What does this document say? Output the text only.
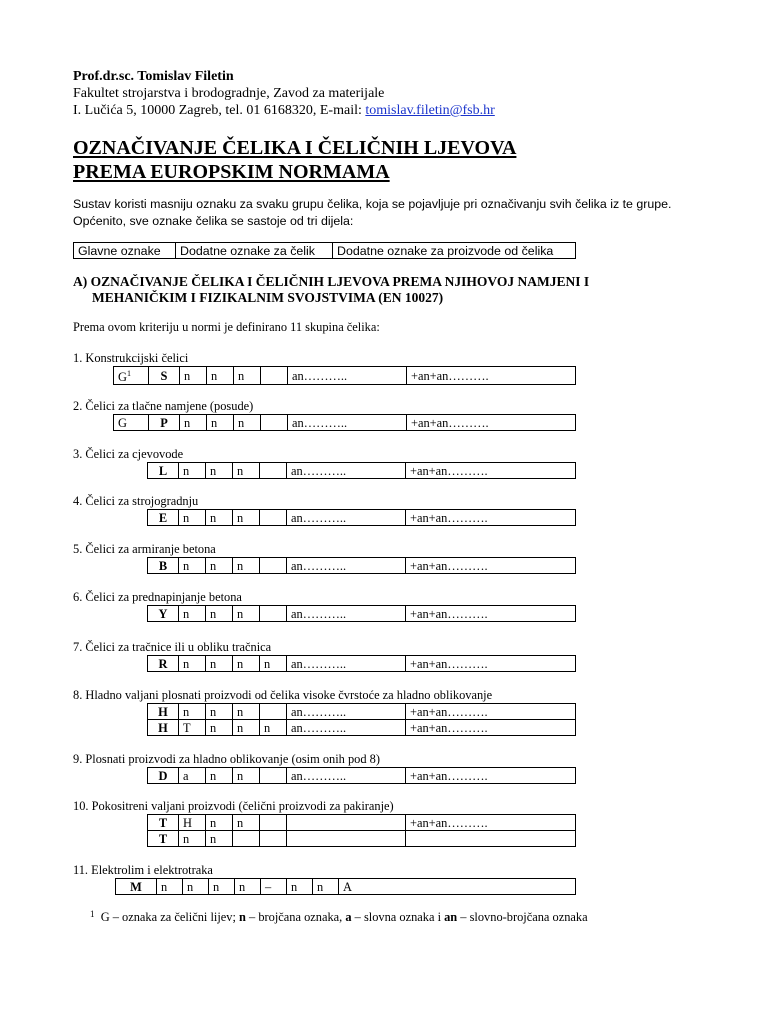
Prof.dr.sc. Tomislav Filetin
Fakultet strojarstva i brodogradnje, Zavod za materijale
I. Lučića 5, 10000 Zagreb, tel. 01 6168320, E-mail: tomislav.filetin@fsb.hr
OZNAČIVANJE ČELIKA I ČELIČNIH LJEVOVA
PREMA EUROPSKIM NORMAMA
Sustav koristi masniju oznaku za svaku grupu čelika, koja se pojavljuje pri označivanju svih čelika iz te grupe. Općenito, sve oznake čelika se sastoje od tri dijela:
Glavne oznake	Dodatne oznake za čelik	Dodatne oznake za proizvode od čelika
A) OZNAČIVANJE ČELIKA I ČELIČNIH LJEVOVA PREMA NJIHOVOJ NAMJENI I
MEHANIČKIM I FIZIKALNIM SVOJSTVIMA (EN 10027)
Prema ovom kriteriju u normi je definirano 11 skupina čelika:
1. Konstrukcijski čelici
$G^1$	S	n	n	n		an………..	+an+an……….
2. Čelici za tlačne namjene (posude)
G	P	n	n	n		an………..	+an+an……….
3. Čelici za cjevovode
	L	n	n	n		an………..	+an+an……….
4. Čelici za strojogradnju
	E	n	n	n		an………..	+an+an……….
5. Čelici za armiranje betona
	B	n	n	n		an………..	+an+an……….
6. Čelici za prednapinjanje betona
	Y	n	n	n		an………..	+an+an……….
7. Čelici za tračnice ili u obliku tračnica
	R	n	n	n	n	an………..	+an+an……….
8. Hladno valjani plosnati proizvodi od čelika visoke čvrstoće za hladno oblikovanje
	H	n	n	n		an………..	+an+an……….
	H	T	n	n	n	an………..	+an+an……….
9. Plosnati proizvodi za hladno oblikovanje (osim onih pod 8)
	D	a	n	n		an………..	+an+an……….
10. Pokositreni valjani proizvodi (čelični proizvodi za pakiranje)
	T	H	n	n			+an+an……….
	T	n	n				
11. Elektrolim i elektrotraka
M	n	n	n	n	–	n	n	A
$^1$ G – oznaka za čelični lijev; n – brojčana oznaka, a – slovna oznaka i an – slovno-brojčana oznaka
